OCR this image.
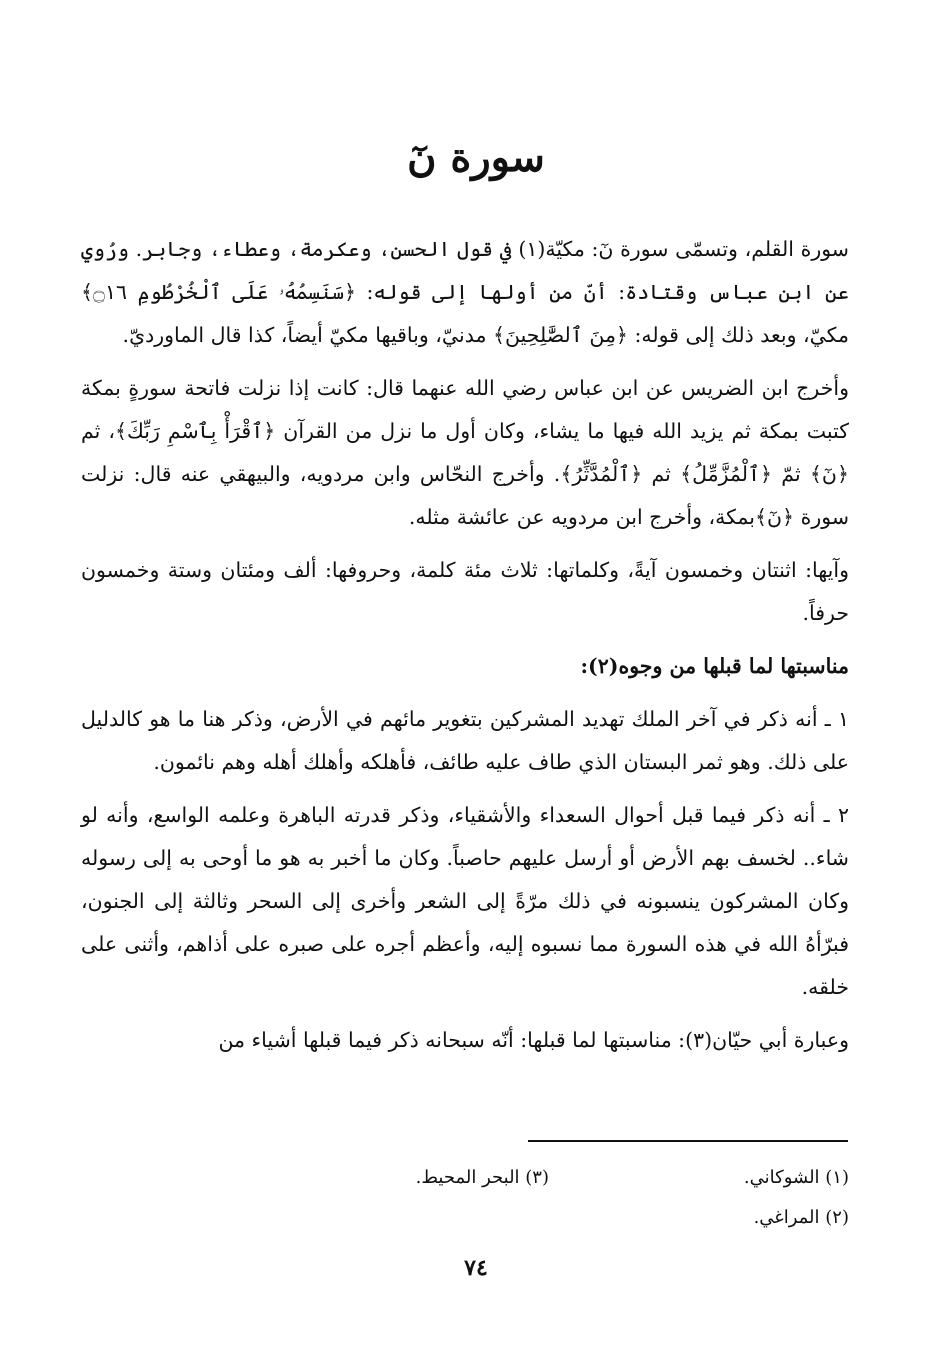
سورة نٓ

سورة القلم، وتسمّى سورة نٓ: مكيّة(١) في قول الحسن، وعكرمة، وعطاء، وجابر. ورُوي عن ابن عباس وقتادة: أنّ من أولها إلى قوله: ﴿سَنَسِمُهُۥ عَلَى ٱلْخُرْطُومِ ۝١٦﴾ مكيّ، وبعد ذلك إلى قوله: ﴿مِنَ ٱلصَّٰلِحِينَ﴾ مدنيّ، وباقيها مكيّ أيضاً، كذا قال الماورديّ.

وأخرج ابن الضريس عن ابن عباس رضي الله عنهما قال: كانت إذا نزلت فاتحة سورةٍ بمكة كتبت بمكة ثم يزيد الله فيها ما يشاء، وكان أول ما نزل من القرآن ﴿ٱقْرَأْ بِٱسْمِ رَبِّكَ﴾، ثم ﴿نٓ﴾ ثمّ ﴿ٱلْمُزَّمِّلُ﴾ ثم ﴿ٱلْمُدَّثِّرُ﴾. وأخرج النحّاس وابن مردويه، والبيهقي عنه قال: نزلت سورة ﴿نٓ﴾بمكة، وأخرج ابن مردويه عن عائشة مثله.

وآيها: اثنتان وخمسون آيةً، وكلماتها: ثلاث مئة كلمة، وحروفها: ألف ومئتان وستة وخمسون حرفاً.

مناسبتها لما قبلها من وجوه(٢):

١ ـ أنه ذكر في آخر الملك تهديد المشركين بتغوير مائهم في الأرض، وذكر هنا ما هو كالدليل على ذلك. وهو ثمر البستان الذي طاف عليه طائف، فأهلكه وأهلك أهله وهم نائمون.

٢ ـ أنه ذكر فيما قبل أحوال السعداء والأشقياء، وذكر قدرته الباهرة وعلمه الواسع، وأنه لو شاء.. لخسف بهم الأرض أو أرسل عليهم حاصباً. وكان ما أخبر به هو ما أوحى به إلى رسوله وكان المشركون ينسبونه في ذلك مرّةً إلى الشعر وأخرى إلى السحر وثالثة إلى الجنون، فبرّأهُ الله في هذه السورة مما نسبوه إليه، وأعظم أجره على صبره على أذاهم، وأثنى على خلقه.

وعبارة أبي حيّان(٣): مناسبتها لما قبلها: أنّه سبحانه ذكر فيما قبلها أشياء من

(١) الشوكاني.
(٣) البحر المحيط.
(٢) المراغي.
٧٤
